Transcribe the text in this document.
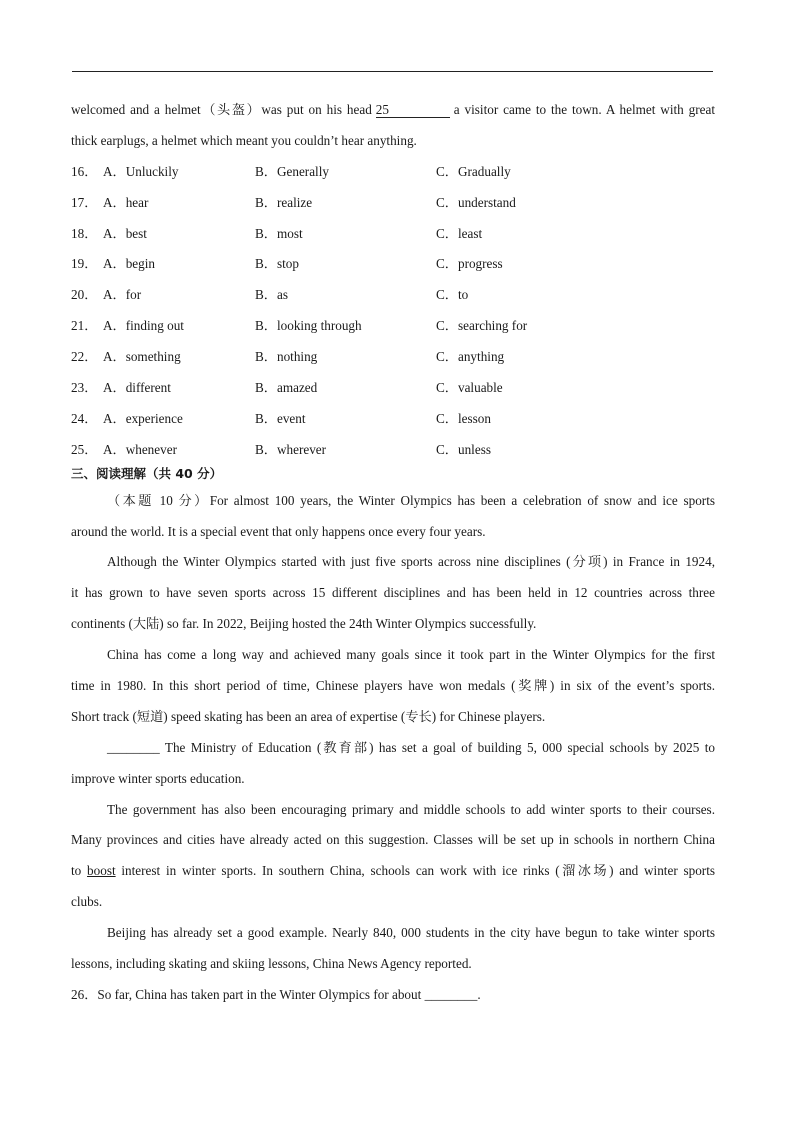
welcomed and a helmet（头盔）was put on his head 25	a visitor came to the town. A helmet with great
thick earplugs, a helmet which meant you couldn’t hear anything.
16． A．Unluckily	B．Generally	C．Gradually
17． A．hear	B．realize	C．understand
18． A．best	B．most	C．least
19． A．begin	B．stop	C．progress
20． A．for	B．as	C．to
21． A．finding out	B．looking through	C．searching for
22． A．something	B．nothing	C．anything
23． A．different	B．amazed	C．valuable
24． A．experience	B．event	C．lesson
25． A．whenever	B．wherever	C．unless
三、阅读理解（共 40 分）
（本题 10 分）For almost 100 years, the Winter Olympics has been a celebration of snow and ice sports
around the world. It is a special event that only happens once every four years.
Although the Winter Olympics started with just five sports across nine disciplines (分项) in France in 1924,
it has grown to have seven sports across 15 different disciplines and has been held in 12 countries across three
continents (大陆) so far. In 2022, Beijing hosted the 24th Winter Olympics successfully.
China has come a long way and achieved many goals since it took part in the Winter Olympics for the first
time in 1980. In this short period of time, Chinese players have won medals (奖牌) in six of the event’s sports.
Short track (短道) speed skating has been an area of expertise (专长) for Chinese players.
________ The Ministry of Education (教育部) has set a goal of building 5, 000 special schools by 2025 to
improve winter sports education.
The government has also been encouraging primary and middle schools to add winter sports to their courses.
Many provinces and cities have already acted on this suggestion. Classes will be set up in schools in northern China
to boost interest in winter sports. In southern China, schools can work with ice rinks (溜冰场) and winter sports
clubs.
Beijing has already set a good example. Nearly 840, 000 students in the city have begun to take winter sports
lessons, including skating and skiing lessons, China News Agency reported.
26．So far, China has taken part in the Winter Olympics for about ________.
